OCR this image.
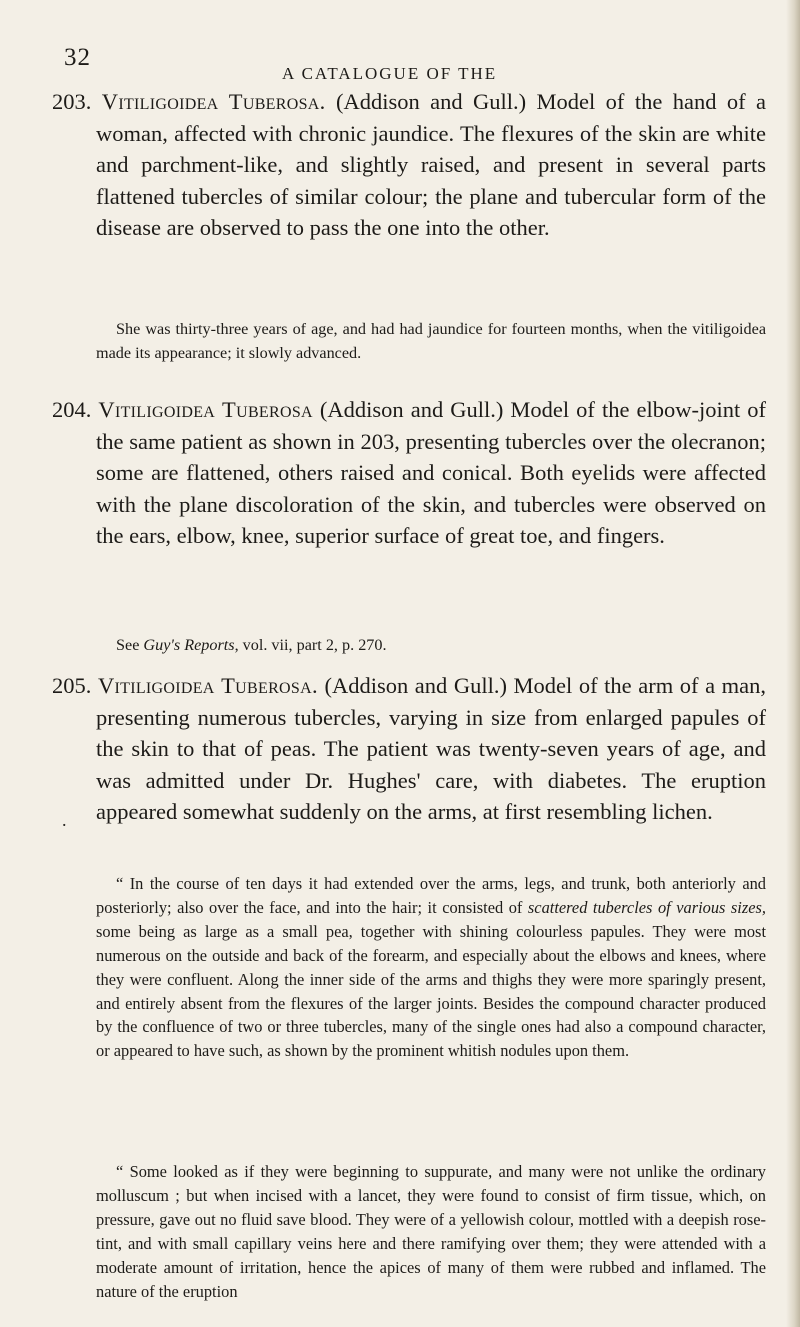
32
A CATALOGUE OF THE

203. Vitiligoidea Tuberosa. (Addison and Gull.) Model of the hand of a woman, affected with chronic jaundice. The flexures of the skin are white and parchment-like, and slightly raised, and present in several parts flattened tubercles of similar colour; the plane and tubercular form of the disease are observed to pass the one into the other.

She was thirty-three years of age, and had had jaundice for fourteen months, when the vitiligoidea made its appearance; it slowly advanced.

204. Vitiligoidea Tuberosa (Addison and Gull.) Model of the elbow-joint of the same patient as shown in 203, presenting tubercles over the olecranon; some are flattened, others raised and conical. Both eyelids were affected with the plane discoloration of the skin, and tubercles were observed on the ears, elbow, knee, superior surface of great toe, and fingers.

See Guy's Reports, vol. vii, part 2, p. 270.

205. Vitiligoidea Tuberosa. (Addison and Gull.) Model of the arm of a man, presenting numerous tubercles, varying in size from enlarged papules of the skin to that of peas. The patient was twenty-seven years of age, and was admitted under Dr. Hughes' care, with diabetes. The eruption appeared somewhat suddenly on the arms, at first resembling lichen.

.

“ In the course of ten days it had extended over the arms, legs, and trunk, both anteriorly and posteriorly; also over the face, and into the hair; it consisted of scattered tubercles of various sizes, some being as large as a small pea, together with shining colourless papules. They were most numerous on the outside and back of the forearm, and especially about the elbows and knees, where they were confluent. Along the inner side of the arms and thighs they were more sparingly present, and entirely absent from the flexures of the larger joints. Besides the compound character produced by the confluence of two or three tubercles, many of the single ones had also a compound character, or appeared to have such, as shown by the prominent whitish nodules upon them.

“ Some looked as if they were beginning to suppurate, and many were not unlike the ordinary molluscum ; but when incised with a lancet, they were found to consist of firm tissue, which, on pressure, gave out no fluid save blood. They were of a yellowish colour, mottled with a deepish rose-tint, and with small capillary veins here and there ramifying over them; they were attended with a moderate amount of irritation, hence the apices of many of them were rubbed and inflamed. The nature of the eruption
